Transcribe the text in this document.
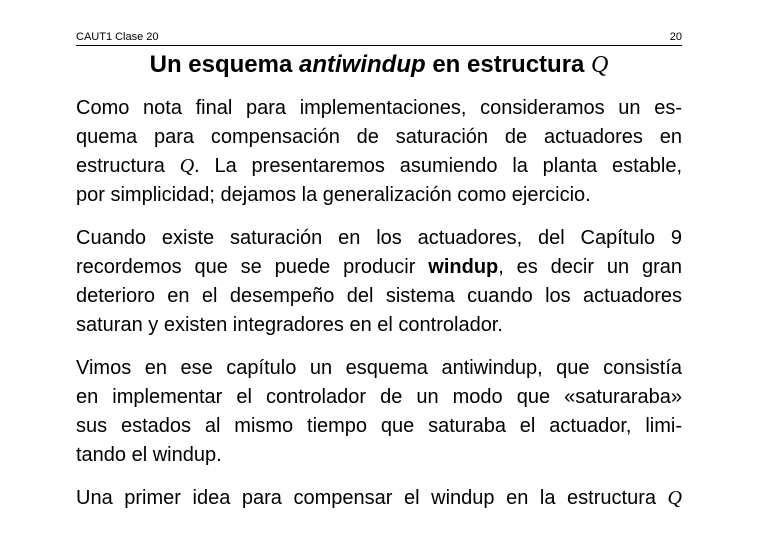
CAUT1 Clase 20	20
Un esquema antiwindup en estructura Q
Como nota final para implementaciones, consideramos un es-
quema para compensación de saturación de actuadores en
estructura Q. La presentaremos asumiendo la planta estable,
por simplicidad; dejamos la generalización como ejercicio.
Cuando existe saturación en los actuadores, del Capítulo 9
recordemos que se puede producir windup, es decir un gran
deterioro en el desempeño del sistema cuando los actuadores
saturan y existen integradores en el controlador.
Vimos en ese capítulo un esquema antiwindup, que consistía
en implementar el controlador de un modo que «saturaraba»
sus estados al mismo tiempo que saturaba el actuador, limi-
tando el windup.
Una primer idea para compensar el windup en la estructura Q
